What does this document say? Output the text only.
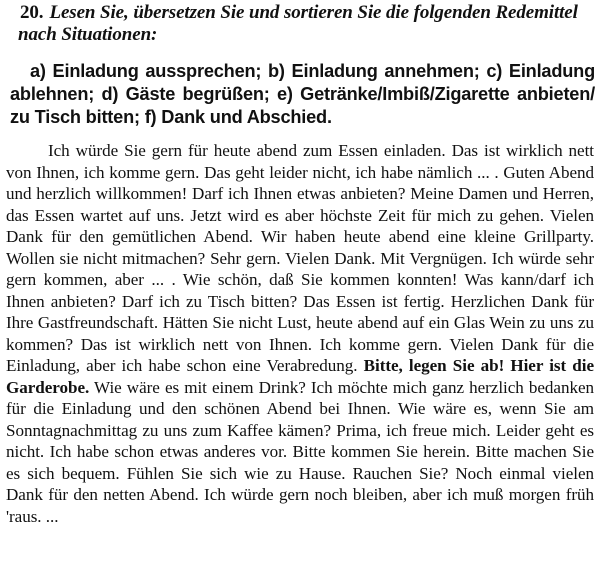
20. Lesen Sie, übersetzen Sie und sortieren Sie die folgenden Redemittel nach Situationen:
a) Einladung aussprechen; b) Einladung annehmen; c) Einladung ablehnen; d) Gäste begrüßen; e) Getränke/Imbiß/Zigarette anbieten/ zu Tisch bitten; f) Dank und Abschied.
Ich würde Sie gern für heute abend zum Essen einladen. Das ist wirklich nett von Ihnen, ich komme gern. Das geht leider nicht, ich habe nämlich ... . Guten Abend und herzlich willkommen! Darf ich Ihnen etwas anbieten? Meine Damen und Herren, das Essen wartet auf uns. Jetzt wird es aber höchste Zeit für mich zu gehen. Vielen Dank für den gemütlichen Abend. Wir haben heute abend eine kleine Grillparty. Wollen sie nicht mitmachen? Sehr gern. Vielen Dank. Mit Vergnügen. Ich würde sehr gern kommen, aber ... . Wie schön, daß Sie kommen konnten! Was kann/darf ich Ihnen anbieten? Darf ich zu Tisch bitten? Das Essen ist fertig. Herzlichen Dank für Ihre Gastfreundschaft. Hätten Sie nicht Lust, heute abend auf ein Glas Wein zu uns zu kommen? Das ist wirklich nett von Ihnen. Ich komme gern. Vielen Dank für die Einladung, aber ich habe schon eine Verabredung. Bitte, legen Sie ab! Hier ist die Garderobe. Wie wäre es mit einem Drink? Ich möchte mich ganz herzlich bedanken für die Einladung und den schönen Abend bei Ihnen. Wie wäre es, wenn Sie am Sonntagnachmittag zu uns zum Kaffee kämen? Prima, ich freue mich. Leider geht es nicht. Ich habe schon etwas anderes vor. Bitte kommen Sie herein. Bitte machen Sie es sich bequem. Fühlen Sie sich wie zu Hause. Rauchen Sie? Noch einmal vielen Dank für den netten Abend. Ich würde gern noch bleiben, aber ich muß morgen früh 'raus. ...
